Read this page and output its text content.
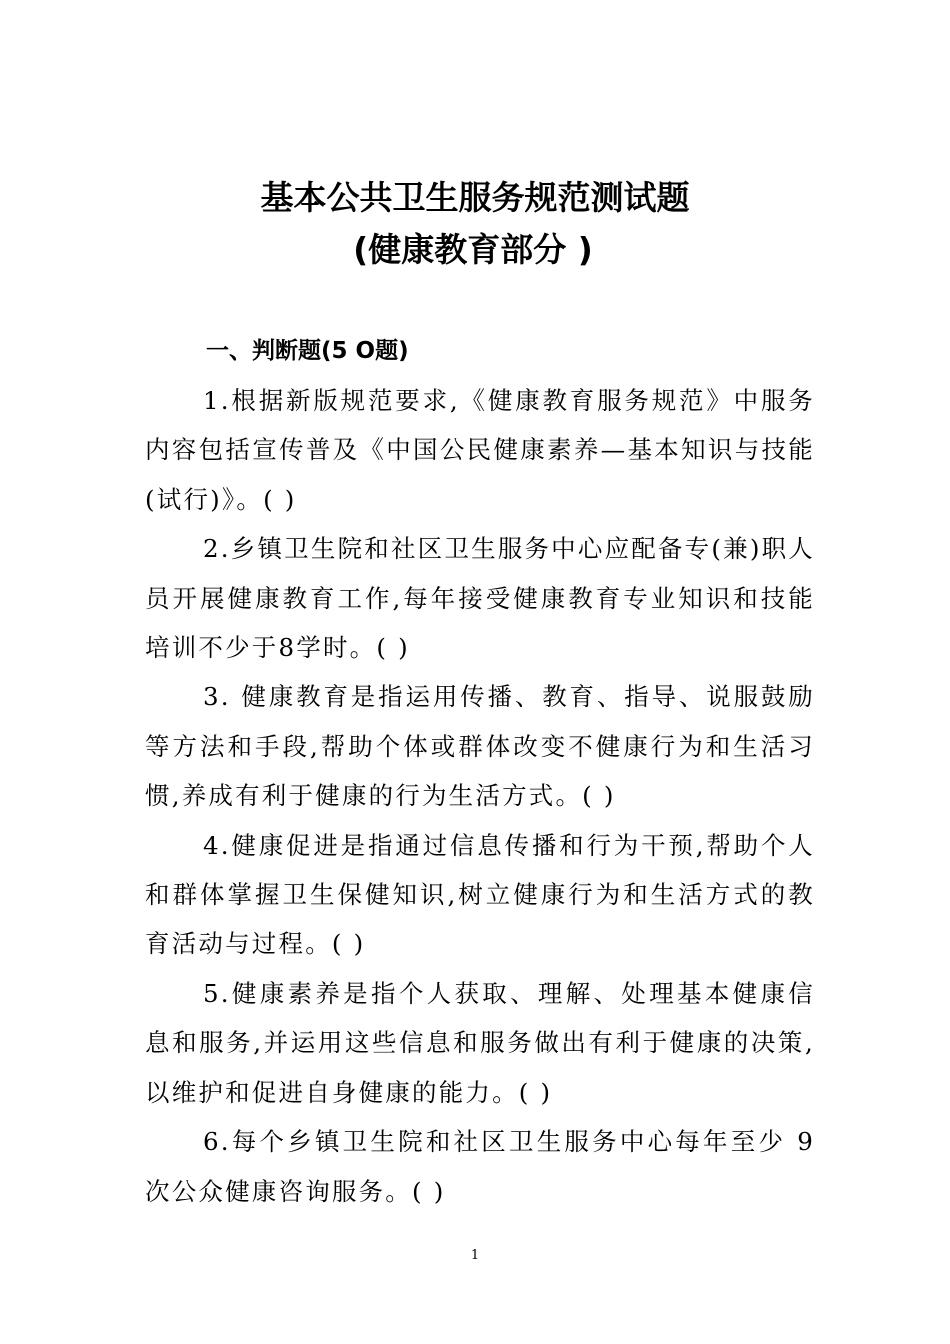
基本公共卫生服务规范测试题
(健康教育部分 )
一、判断题(5 O题)

1.根据新版规范要求,《健康教育服务规范》中服务内容包括宣传普及《中国公民健康素养—基本知识与技能(试行)》。( )

2.乡镇卫生院和社区卫生服务中心应配备专(兼)职人员开展健康教育工作,每年接受健康教育专业知识和技能培训不少于8学时。( )

3. 健康教育是指运用传播、教育、指导、说服鼓励等方法和手段,帮助个体或群体改变不健康行为和生活习惯,养成有利于健康的行为生活方式。( )

4.健康促进是指通过信息传播和行为干预,帮助个人和群体掌握卫生保健知识,树立健康行为和生活方式的教育活动与过程。( )

5.健康素养是指个人获取、理解、处理基本健康信息和服务,并运用这些信息和服务做出有利于健康的决策,以维护和促进自身健康的能力。( )

6.每个乡镇卫生院和社区卫生服务中心每年至少 9 次公众健康咨询服务。( )

1
